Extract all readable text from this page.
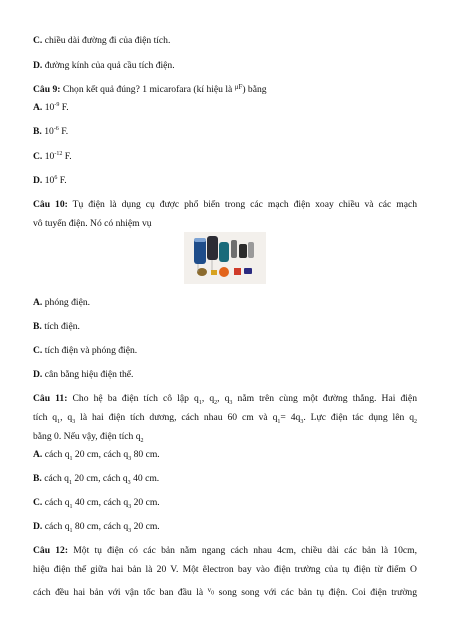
C. chiều dài đường đi của điện tích.
D. đường kính của quả cầu tích điện.
Câu 9: Chọn kết quả đúng? 1 micarofara (kí hiệu là $^{\mu F}$) bằng
A. $10^{-9}$ F.
B. $10^{-6}$ F.
C. $10^{-12}$ F.
D. $10^6$ F.
Câu 10: Tụ điện là dụng cụ được phổ biến trong các mạch điện xoay chiều và các mạch
vô tuyến điện. Nó có nhiệm vụ
A. phóng điện.
B. tích điện.
C. tích điện và phóng điện.
D. cân bằng hiệu điện thế.
Câu 11: Cho hệ ba điện tích cô lập $q_1$, $q_2$, $q_3$ nằm trên cùng một đường thẳng. Hai điện
tích $q_1$, $q_3$ là hai điện tích dương, cách nhau 60 cm và $q_1= 4q_3$. Lực điện tác dụng lên $q_2$
bằng 0. Nếu vậy, điện tích $q_2$
A. cách $q_1$ 20 cm, cách $q_3$ 80 cm.
B. cách $q_1$ 20 cm, cách $q_3$ 40 cm.
C. cách $q_1$ 40 cm, cách $q_3$ 20 cm.
D. cách $q_1$ 80 cm, cách $q_3$ 20 cm.
Câu 12: Một tụ điện có các bản nằm ngang cách nhau 4cm, chiều dài các bản là 10cm,
hiệu điện thế giữa hai bản là 20 V. Một êlectron bay vào điện trường của tụ điện từ điểm O
cách đều hai bản với vận tốc ban đầu là $^{v_0}$ song song với các bản tụ điện. Coi điện trường
